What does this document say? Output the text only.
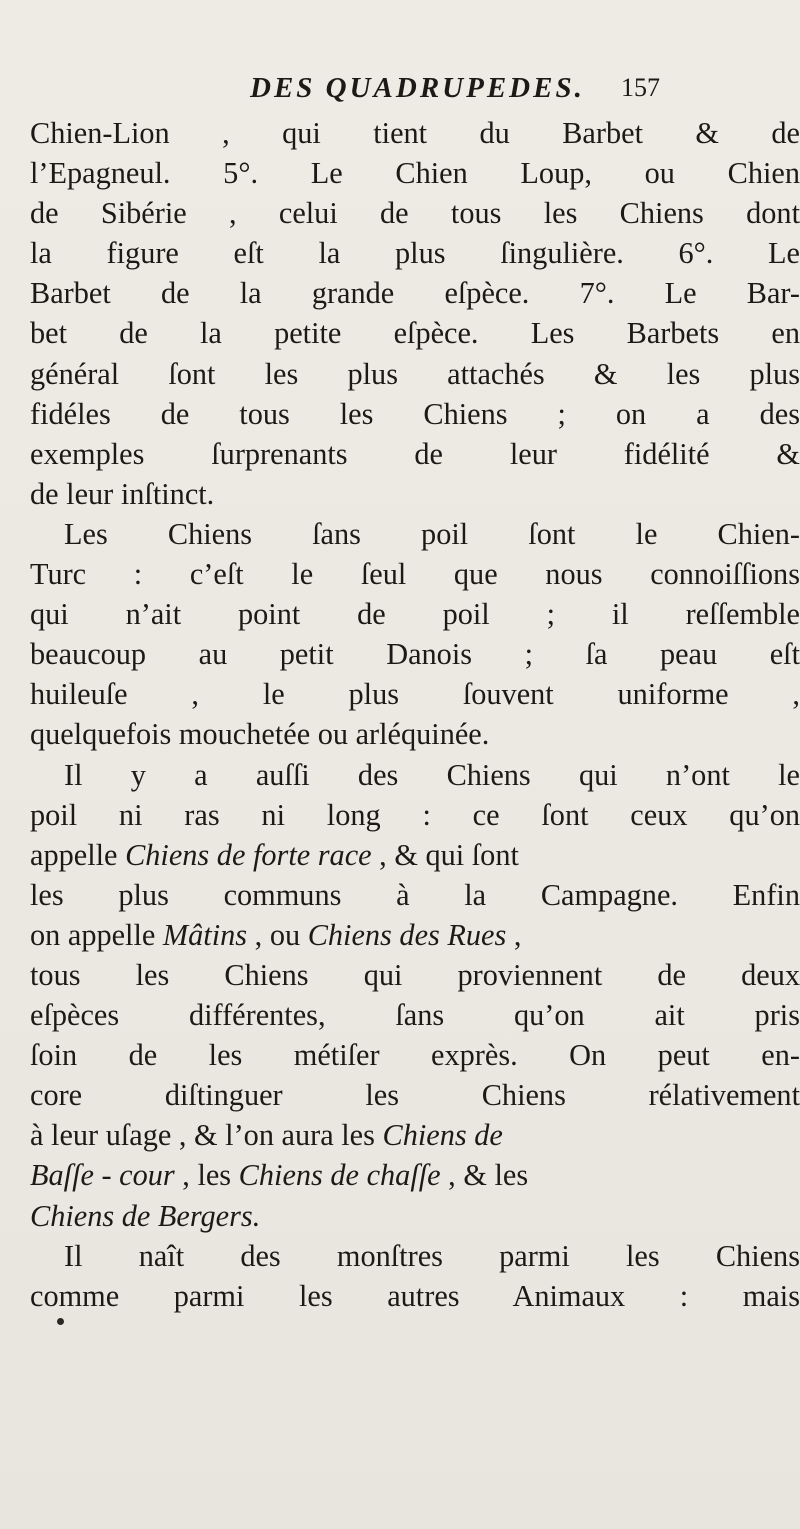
DES QUADRUPEDES. 157
Chien-Lion , qui tient du Barbet & de
l’Epagneul. 5°. Le Chien Loup, ou Chien
de Sibérie , celui de tous les Chiens dont
la figure eſt la plus ſingulière. 6°. Le
Barbet de la grande eſpèce. 7°. Le Bar-
bet de la petite eſpèce. Les Barbets en
général ſont les plus attachés & les plus
fidéles de tous les Chiens ; on a des
exemples ſurprenants de leur fidélité &
de leur inſtinct.
Les Chiens ſans poil ſont le Chien-
Turc : c’eſt le ſeul que nous connoiſſions
qui n’ait point de poil ; il reſſemble
beaucoup au petit Danois ; ſa peau eſt
huileuſe , le plus ſouvent uniforme ,
quelquefois mouchetée ou arléquinée.
Il y a auſſi des Chiens qui n’ont le
poil ni ras ni long : ce ſont ceux qu’on
appelle Chiens de forte race , & qui ſont
les plus communs à la Campagne. Enfin
on appelle Mâtins , ou Chiens des Rues ,
tous les Chiens qui proviennent de deux
eſpèces différentes, ſans qu’on ait pris
ſoin de les métiſer exprès. On peut en-
core diſtinguer les Chiens rélativement
à leur uſage , & l’on aura les Chiens de
Baſſe - cour , les Chiens de chaſſe , & les
Chiens de Bergers.
Il naît des monſtres parmi les Chiens
comme parmi les autres Animaux : mais
